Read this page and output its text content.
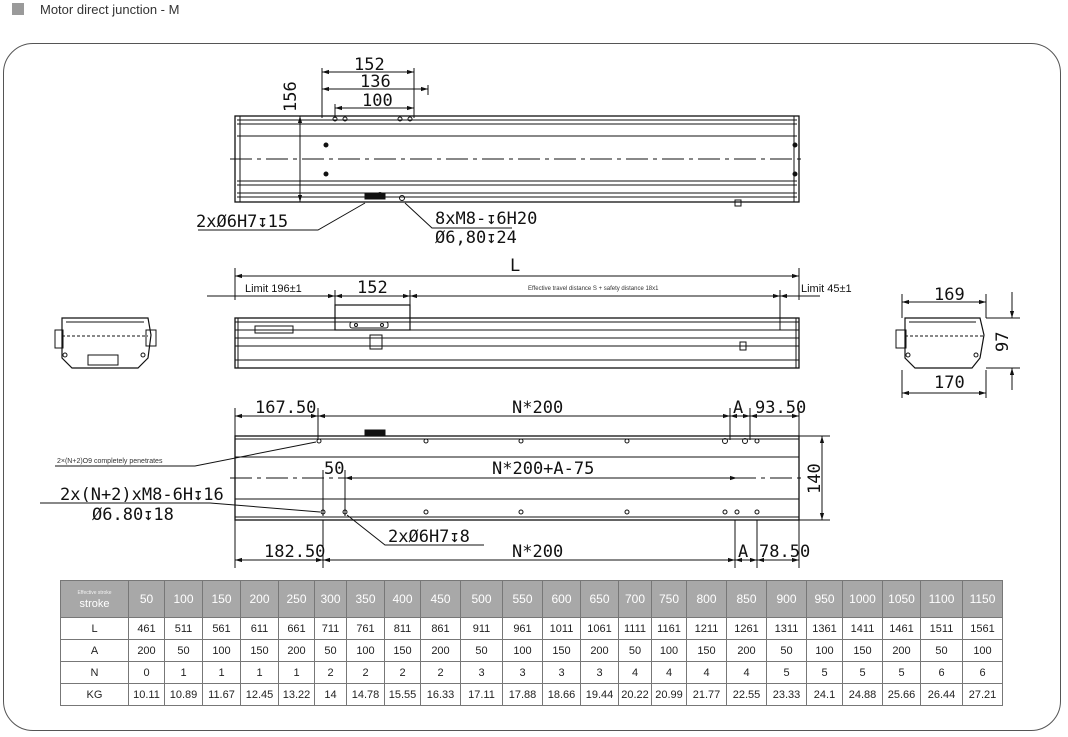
Motor direct junction - M
152
136
100
156
2xØ6H7↧15	8xM8-↧6H20
Ø6,80↧24
L
Limit 196±1	152	Effective travel distance S + safety distance 18x1	Limit 45±1	169
97
170
167.50	N*200	A 93.50
2×(N+2)O9 completely penetrates	50	N*200+A-75	140
2x(N+2)xM8-6H↧16
Ø6.80↧18
2xØ6H7↧8
182.50	N*200	A 78.50
Effective stroke
stroke	50	100	150	200	250	300	350	400	450	500	550	600	650	700	750	800	850	900	950	1000	1050	1100	1150
L	461	511	561	611	661	711	761	811	861	911	961	1011	1061	1111	1161	1211	1261	1311	1361	1411	1461	1511	1561
A	200	50	100	150	200	50	100	150	200	50	100	150	200	50	100	150	200	50	100	150	200	50	100
N	0	1	1	1	1	2	2	2	2	3	3	3	3	4	4	4	4	5	5	5	5	6	6
KG	10.11	10.89	11.67	12.45	13.22	14	14.78	15.55	16.33	17.11	17.88	18.66	19.44	20.22	20.99	21.77	22.55	23.33	24.1	24.88	25.66	26.44	27.21
